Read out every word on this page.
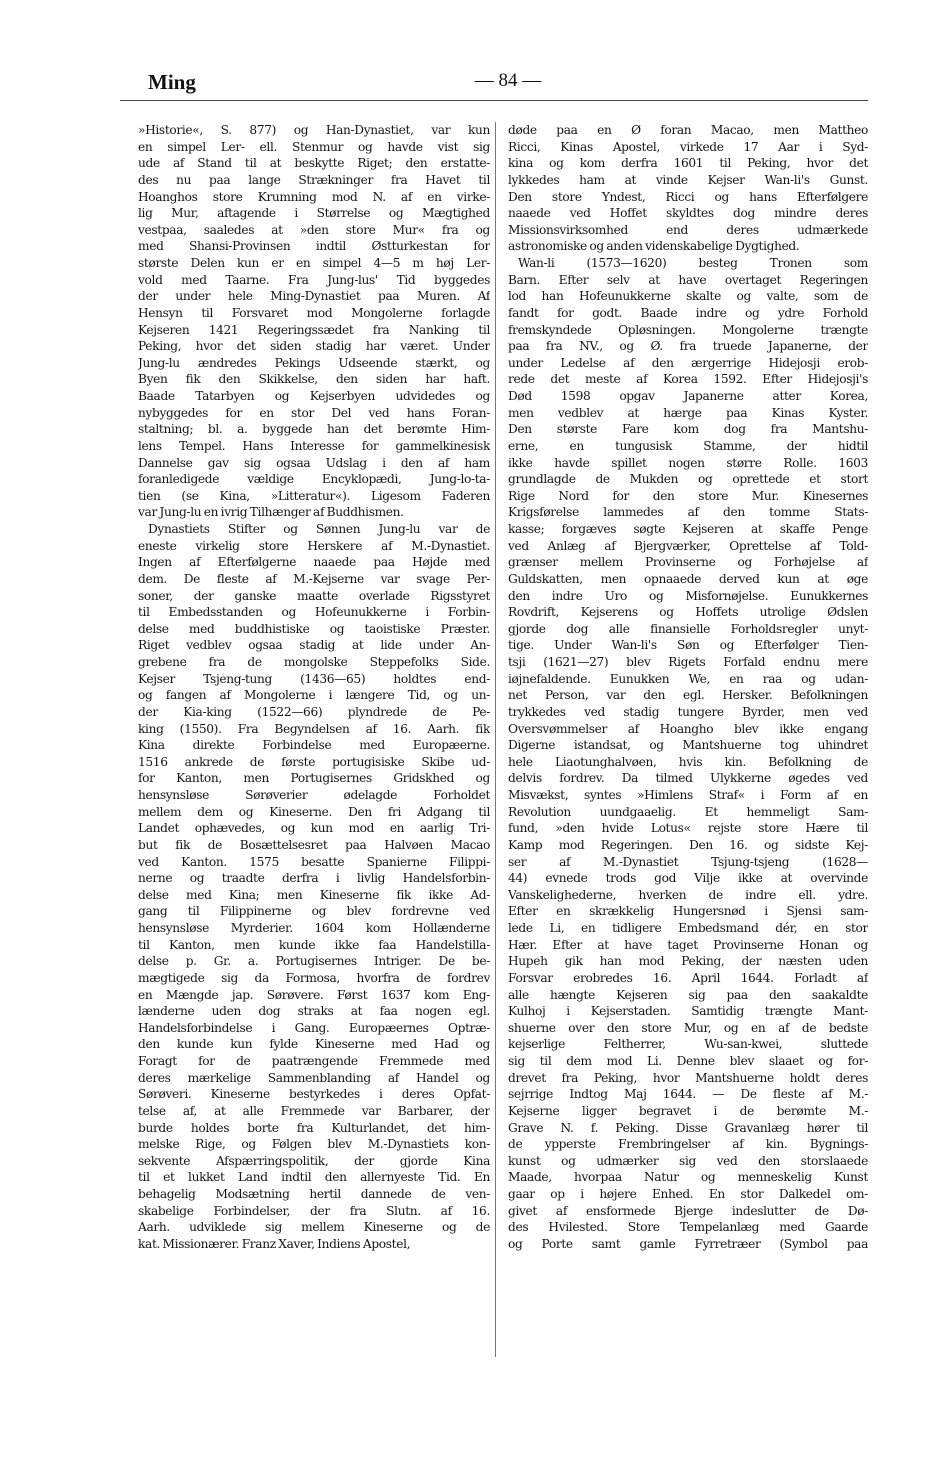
Ming	— 84 —
»Historie«, S. 877) og Han-Dynastiet, var kun
en simpel Ler- ell. Stenmur og havde vist sig
ude af Stand til at beskytte Riget; den erstatte-
des nu paa lange Strækninger fra Havet til
Hoanghos store Krumning mod N. af en virke-
lig Mur, aftagende i Størrelse og Mægtighed
vestpaa, saaledes at »den store Mur« fra og
med Shansi-Provinsen indtil Østturkestan for
største Delen kun er en simpel 4—5 m høj Ler-
vold med Taarne. Fra Jung-lus' Tid byggedes
der under hele Ming-Dynastiet paa Muren. Af
Hensyn til Forsvaret mod Mongolerne forlagde
Kejseren 1421 Regeringssædet fra Nanking til
Peking, hvor det siden stadig har været. Under
Jung-lu ændredes Pekings Udseende stærkt, og
Byen fik den Skikkelse, den siden har haft.
Baade Tatarbyen og Kejserbyen udvidedes og
nybyggedes for en stor Del ved hans Foran-
staltning; bl. a. byggede han det berømte Him-
lens Tempel. Hans Interesse for gammelkinesisk
Dannelse gav sig ogsaa Udslag i den af ham
foranledigede vældige Encyklopædi, Jung-lo-ta-
tien (se Kina, »Litteratur«). Ligesom Faderen
var Jung-lu en ivrig Tilhænger af Buddhismen.
Dynastiets Stifter og Sønnen Jung-lu var de
eneste virkelig store Herskere af M.-Dynastiet.
Ingen af Efterfølgerne naaede paa Højde med
dem. De fleste af M.-Kejserne var svage Per-
soner, der ganske maatte overlade Rigsstyret
til Embedsstanden og Hofeunukkerne i Forbin-
delse med buddhistiske og taoistiske Præster.
Riget vedblev ogsaa stadig at lide under An-
grebene fra de mongolske Steppefolks Side.
Kejser Tsjeng-tung (1436—65) holdtes end-
og fangen af Mongolerne i længere Tid, og un-
der Kia-king (1522—66) plyndrede de Pe-
king (1550). Fra Begyndelsen af 16. Aarh. fik
Kina direkte Forbindelse med Europæerne.
1516 ankrede de første portugisiske Skibe ud-
for Kanton, men Portugisernes Gridskhed og
hensynsløse Sørøverier ødelagde Forholdet
mellem dem og Kineserne. Den fri Adgang til
Landet ophævedes, og kun mod en aarlig Tri-
but fik de Bosættelsesret paa Halvøen Macao
ved Kanton. 1575 besatte Spanierne Filippi-
nerne og traadte derfra i livlig Handelsforbin-
delse med Kina; men Kineserne fik ikke Ad-
gang til Filippinerne og blev fordrevne ved
hensynsløse Myrderier. 1604 kom Hollænderne
til Kanton, men kunde ikke faa Handelstilla-
delse p. Gr. a. Portugisernes Intriger. De be-
mægtigede sig da Formosa, hvorfra de fordrev
en Mængde jap. Sørøvere. Først 1637 kom Eng-
lænderne uden dog straks at faa nogen egl.
Handelsforbindelse i Gang. Europæernes Optræ-
den kunde kun fylde Kineserne med Had og
Foragt for de paatrængende Fremmede med
deres mærkelige Sammenblanding af Handel og
Sørøveri. Kineserne bestyrkedes i deres Opfat-
telse af, at alle Fremmede var Barbarer, der
burde holdes borte fra Kulturlandet, det him-
melske Rige, og Følgen blev M.-Dynastiets kon-
sekvente Afspærringspolitik, der gjorde Kina
til et lukket Land indtil den allernyeste Tid. En
behagelig Modsætning hertil dannede de ven-
skabelige Forbindelser, der fra Slutn. af 16.
Aarh. udviklede sig mellem Kineserne og de
kat. Missionærer. Franz Xaver, Indiens Apostel,
døde paa en Ø foran Macao, men Mattheo
Ricci, Kinas Apostel, virkede 17 Aar i Syd-
kina og kom derfra 1601 til Peking, hvor det
lykkedes ham at vinde Kejser Wan-li's Gunst.
Den store Yndest, Ricci og hans Efterfølgere
naaede ved Hoffet skyldtes dog mindre deres
Missionsvirksomhed end deres udmærkede
astronomiske og anden videnskabelige Dygtighed.
Wan-li (1573—1620) besteg Tronen som
Barn. Efter selv at have overtaget Regeringen
lod han Hofeunukkerne skalte og valte, som de
fandt for godt. Baade indre og ydre Forhold
fremskyndede Opløsningen. Mongolerne trængte
paa fra NV., og Ø. fra truede Japanerne, der
under Ledelse af den ærgerrige Hidejosji erob-
rede det meste af Korea 1592. Efter Hidejosji's
Død 1598 opgav Japanerne atter Korea,
men vedblev at hærge paa Kinas Kyster.
Den største Fare kom dog fra Mantshu-
erne, en tungusisk Stamme, der hidtil
ikke havde spillet nogen større Rolle. 1603
grundlagde de Mukden og oprettede et stort
Rige Nord for den store Mur. Kinesernes
Krigsførelse lammedes af den tomme Stats-
kasse; forgæves søgte Kejseren at skaffe Penge
ved Anlæg af Bjergværker, Oprettelse af Told-
grænser mellem Provinserne og Forhøjelse af
Guldskatten, men opnaaede derved kun at øge
den indre Uro og Misfornøjelse. Eunukkernes
Rovdrift, Kejserens og Hoffets utrolige Ødslen
gjorde dog alle finansielle Forholdsregler unyt-
tige. Under Wan-li's Søn og Efterfølger Tien-
tsji (1621—27) blev Rigets Forfald endnu mere
iøjnefaldende. Eunukken We, en raa og udan-
net Person, var den egl. Hersker. Befolkningen
trykkedes ved stadig tungere Byrder, men ved
Oversvømmelser af Hoangho blev ikke engang
Digerne istandsat, og Mantshuerne tog uhindret
hele Liaotunghalvøen, hvis kin. Befolkning de
delvis fordrev. Da tilmed Ulykkerne øgedes ved
Misvækst, syntes »Himlens Straf« i Form af en
Revolution uundgaaelig. Et hemmeligt Sam-
fund, »den hvide Lotus« rejste store Hære til
Kamp mod Regeringen. Den 16. og sidste Kej-
ser af M.-Dynastiet Tsjung-tsjeng (1628—
44) evnede trods god Vilje ikke at overvinde
Vanskelighederne, hverken de indre ell. ydre.
Efter en skrækkelig Hungersnød i Sjensi sam-
lede Li, en tidligere Embedsmand dér, en stor
Hær. Efter at have taget Provinserne Honan og
Hupeh gik han mod Peking, der næsten uden
Forsvar erobredes 16. April 1644. Forladt af
alle hængte Kejseren sig paa den saakaldte
Kulhoj i Kejserstaden. Samtidig trængte Mant-
shuerne over den store Mur, og en af de bedste
kejserlige Feltherrer, Wu-san-kwei, sluttede
sig til dem mod Li. Denne blev slaaet og for-
drevet fra Peking, hvor Mantshuerne holdt deres
sejrrige Indtog Maj 1644. — De fleste af M.-
Kejserne ligger begravet i de berømte M.-
Grave N. f. Peking. Disse Gravanlæg hører til
de ypperste Frembringelser af kin. Bygnings-
kunst og udmærker sig ved den storslaaede
Maade, hvorpaa Natur og menneskelig Kunst
gaar op i højere Enhed. En stor Dalkedel om-
givet af ensformede Bjerge indeslutter de Dø-
des Hvilested. Store Tempelanlæg med Gaarde
og Porte samt gamle Fyrretræer (Symbol paa
